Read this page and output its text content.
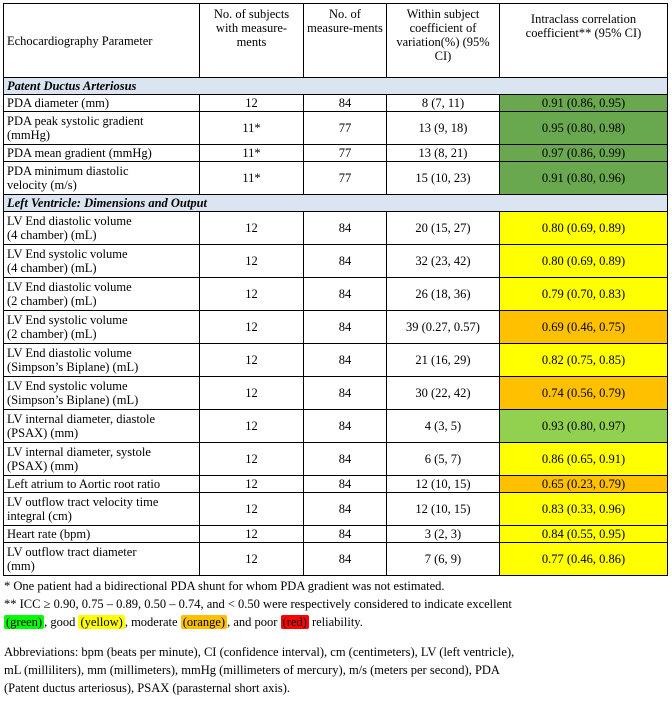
Echocardiography Parameter	No. of subjects with measure-ments	No. of measure-ments	Within subject coefficient of variation(%) (95% CI)	Intraclass correlation coefficient** (95% CI)
Patent Ductus Arteriosus				
PDA diameter (mm)	12	84	8 (7, 11)	0.91 (0.86, 0.95)
PDA peak systolic gradient
(mmHg)	11*	77	13 (9, 18)	0.95 (0.80, 0.98)
PDA mean gradient (mmHg)	11*	77	13 (8, 21)	0.97 (0.86, 0.99)
PDA minimum diastolic
velocity (m/s)	11*	77	15 (10, 23)	0.91 (0.80, 0.96)
Left Ventricle: Dimensions and Output				
LV End diastolic volume
(4 chamber) (mL)	12	84	20 (15, 27)	0.80 (0.69, 0.89)
LV End systolic volume
(4 chamber) (mL)	12	84	32 (23, 42)	0.80 (0.69, 0.89)
LV End diastolic volume
(2 chamber) (mL)	12	84	26 (18, 36)	0.79 (0.70, 0.83)
LV End systolic volume
(2 chamber) (mL)	12	84	39 (0.27, 0.57)	0.69 (0.46, 0.75)
LV End diastolic volume
(Simpson’s Biplane) (mL)	12	84	21 (16, 29)	0.82 (0.75, 0.85)
LV End systolic volume
(Simpson’s Biplane) (mL)	12	84	30 (22, 42)	0.74 (0.56, 0.79)
LV internal diameter, diastole
(PSAX) (mm)	12	84	4 (3, 5)	0.93 (0.80, 0.97)
LV internal diameter, systole
(PSAX) (mm)	12	84	6 (5, 7)	0.86 (0.65, 0.91)
Left atrium to Aortic root ratio	12	84	12 (10, 15)	0.65 (0.23, 0.79)
LV outflow tract velocity time
integral (cm)	12	84	12 (10, 15)	0.83 (0.33, 0.96)
Heart rate (bpm)	12	84	3 (2, 3)	0.84 (0.55, 0.95)
LV outflow tract diameter
(mm)	12	84	7 (6, 9)	0.77 (0.46, 0.86)

* One patient had a bidirectional PDA shunt for whom PDA gradient was not estimated.

** ICC ≥ 0.90, 0.75 – 0.89, 0.50 – 0.74, and < 0.50 were respectively considered to indicate excellent

(green) , good (yellow) , moderate (orange) , and poor (red) reliability.

Abbreviations: bpm (beats per minute), CI (confidence interval), cm (centimeters), LV (left ventricle),

mL (milliliters), mm (millimeters), mmHg (millimeters of mercury), m/s (meters per second), PDA

(Patent ductus arteriosus), PSAX (parasternal short axis).
